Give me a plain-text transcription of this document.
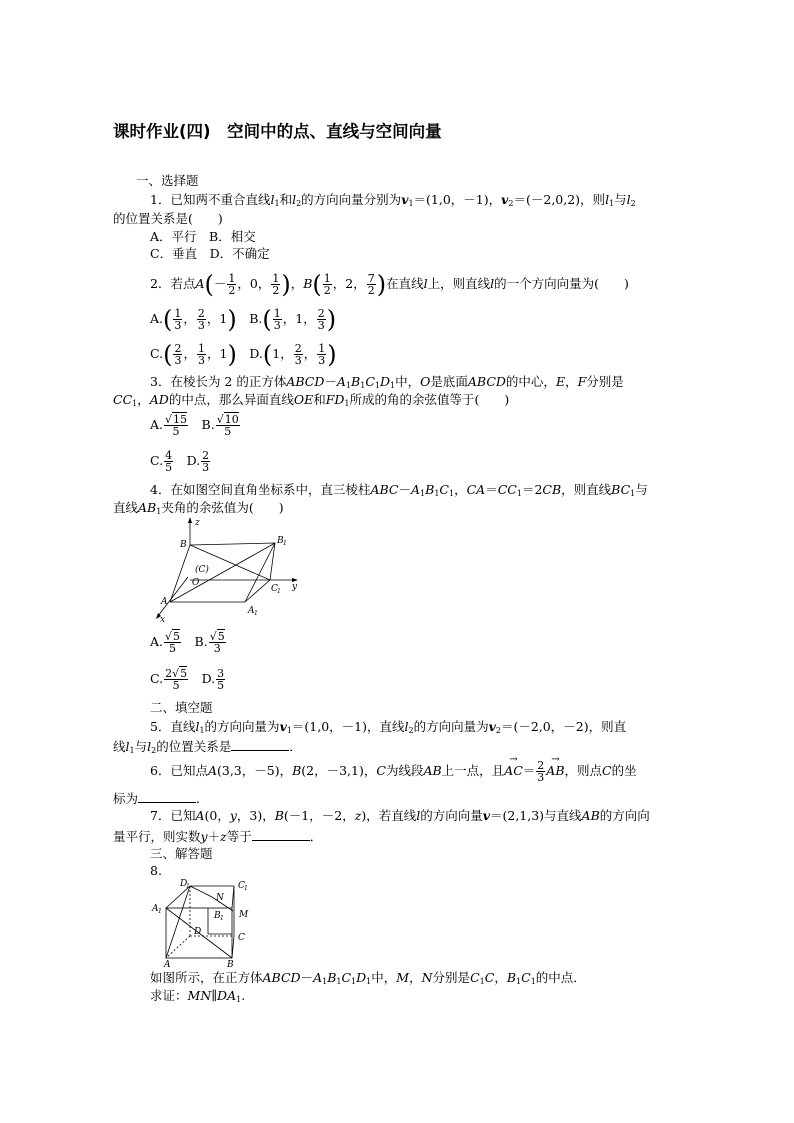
课时作业(四)　空间中的点、直线与空间向量
一、选择题
1．已知两不重合直线$l_1$和$l_2$的方向向量分别为$v_1=(1,0$，－1)，$v_2=(-2,0,2)$，则$l_1$与$l_2$
的位置关系是(　　)
A．平行　 B．相交
C．垂直　 D．不确定
2．若点$A(- \frac{1}{2}$ ，0， $\frac{1}{2}$ )，$B( \frac{1}{2}$ ，2， $\frac{7}{2}$ )在直线l上，则直线l的一个方向向量为(　　)
$A.( \frac{1}{3}$ ， $\frac{2}{3}$ ，1)　$B.( \frac{1}{3}$ ，1， $\frac{2}{3}$ )
$C.( \frac{2}{3}$ ， $\frac{1}{3}$ ，1)　D.(1， $\frac{2}{3}$ ， $\frac{1}{3}$ )
3．在棱长为 2 的正方体$ABCD-A_1B_1C_1D_1$中，O是底面ABCD的中心，E，F分别是
$CC_1$，AD的中点，那么异面直线OE和$FD_1$所成的角的余弦值等于(　　)
A. $\frac{√15}{5}$ 　B. $\frac{√10}{5}$
C. $\frac{4}{5}$ 　D. $\frac{2}{3}$
4．在如图空间直角坐标系中，直三棱柱$ABC-A_1B_1C_1$，$CA=CC_1=2CB$，则直线$BC_1$与
直线$AB_1$夹角的余弦值为(　　)
z
y
x
B	B 1
(C)
O
A
A 1
C 1
A. $\frac{√5}{5}$ 　B. $\frac{√5}{3}$
C. $\frac{2√5}{5}$ 　D. $\frac{3}{5}$
二、填空题
5．直线$l_1$的方向向量为$v_1=(1,0$，－1)，直线$l_2$的方向向量为$v_2=(-2,0$，－2)，则直
线$l_1$与$l_2$的位置关系是	．
6．已知点A(3,3，－5)，B(2，－3,1)，C为线段AB上一点，且→ $AC= \frac{2}{3}$
→ AB，则点C的坐
标为	．
7．已知A(0，y，3)，B(－1，－2，z)，若直线l的方向向量v＝(2,1,3)与直线AB的方向向
量平行，则实数y＋z等于	．
三、解答题
8.
D
1	C 1
N
A 1	B 1 M
D
C
A	B
如图所示，在正方体$ABCD-A_1B_1C_1D_1$中，M，N分别是$C_1C$，$B_1C_1$的中点．
求证：$MN\parallel DA_1$.
